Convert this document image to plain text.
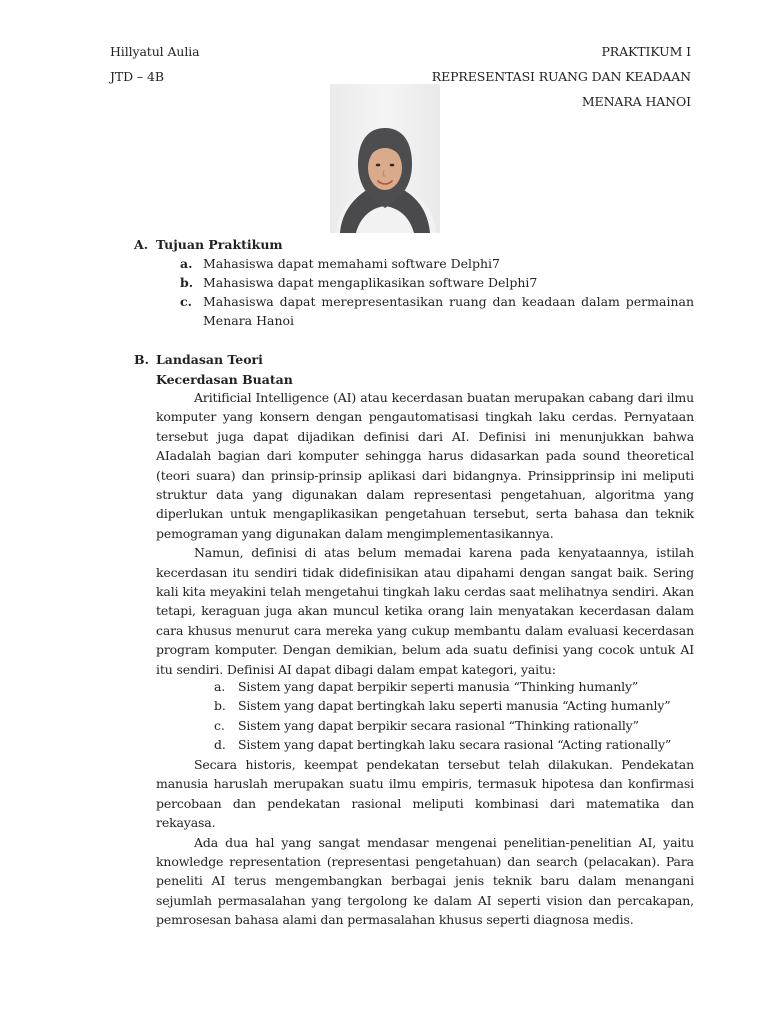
Hillyatul Aulia
JTD – 4B
PRAKTIKUM I
REPRESENTASI RUANG DAN KEADAAN
MENARA HANOI
A. Tujuan Praktikum
a. Mahasiswa dapat memahami software Delphi7
b. Mahasiswa dapat mengaplikasikan software Delphi7
c. Mahasiswa dapat merepresentasikan ruang dan keadaan dalam permainan Menara Hanoi
B. Landasan Teori
Kecerdasan Buatan

Aritificial Intelligence (AI) atau kecerdasan buatan merupakan cabang dari ilmu komputer yang konsern dengan pengautomatisasi tingkah laku cerdas. Pernyataan tersebut juga dapat dijadikan definisi dari AI. Definisi ini menunjukkan bahwa AIadalah bagian dari komputer sehingga harus didasarkan pada sound theoretical (teori suara) dan prinsip-prinsip aplikasi dari bidangnya. Prinsipprinsip ini meliputi struktur data yang digunakan dalam representasi pengetahuan, algoritma yang diperlukan untuk mengaplikasikan pengetahuan tersebut, serta bahasa dan teknik pemograman yang digunakan dalam mengimplementasikannya.

Namun, definisi di atas belum memadai karena pada kenyataannya, istilah kecerdasan itu sendiri tidak didefinisikan atau dipahami dengan sangat baik. Sering kali kita meyakini telah mengetahui tingkah laku cerdas saat melihatnya sendiri. Akan tetapi, keraguan juga akan muncul ketika orang lain menyatakan kecerdasan dalam cara khusus menurut cara mereka yang cukup membantu dalam evaluasi kecerdasan program komputer. Dengan demikian, belum ada suatu definisi yang cocok untuk AI itu sendiri. Definisi AI dapat dibagi dalam empat kategori, yaitu:

a.	Sistem yang dapat berpikir seperti manusia “Thinking humanly”
b. Sistem yang dapat bertingkah laku seperti manusia “Acting humanly”
c.	Sistem yang dapat berpikir secara rasional “Thinking rationally”
d. Sistem yang dapat bertingkah laku secara rasional “Acting rationally”

Secara historis, keempat pendekatan tersebut telah dilakukan. Pendekatan manusia haruslah merupakan suatu ilmu empiris, termasuk hipotesa dan konfirmasi percobaan dan pendekatan rasional meliputi kombinasi dari matematika dan rekayasa.

Ada dua hal yang sangat mendasar mengenai penelitian-penelitian AI, yaitu knowledge representation (representasi pengetahuan) dan search (pelacakan). Para peneliti AI terus mengembangkan berbagai jenis teknik baru dalam menangani sejumlah permasalahan yang tergolong ke dalam AI seperti vision dan percakapan, pemrosesan bahasa alami dan permasalahan khusus seperti diagnosa medis.
